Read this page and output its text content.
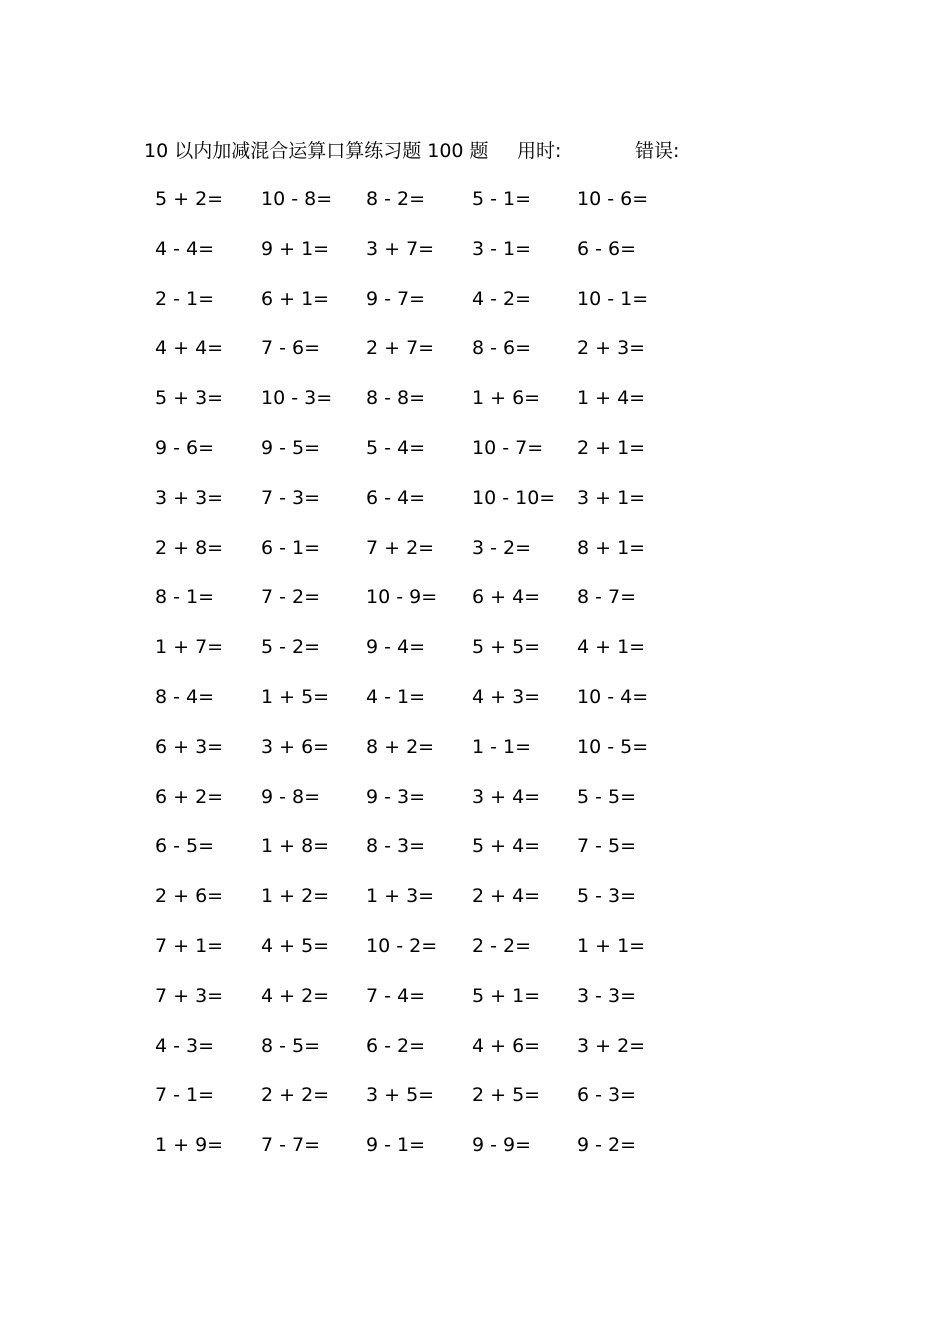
10 以内加减混合运算口算练习题 100 题 用时:	错误:
5 + 2= 10 - 8= 8 - 2= 5 - 1= 10 - 6=
4 - 4= 9 + 1= 3 + 7= 3 - 1= 6 - 6=
2 - 1= 6 + 1= 9 - 7= 4 - 2= 10 - 1=
4 + 4= 7 - 6= 2 + 7= 8 - 6= 2 + 3=
5 + 3= 10 - 3= 8 - 8= 1 + 6= 1 + 4=
9 - 6= 9 - 5= 5 - 4= 10 - 7= 2 + 1=
3 + 3= 7 - 3= 6 - 4= 10 - 10= 3 + 1=
2 + 8= 6 - 1= 7 + 2= 3 - 2= 8 + 1=
8 - 1= 7 - 2= 10 - 9= 6 + 4= 8 - 7=
1 + 7= 5 - 2= 9 - 4= 5 + 5= 4 + 1=
8 - 4= 1 + 5= 4 - 1= 4 + 3= 10 - 4=
6 + 3= 3 + 6= 8 + 2= 1 - 1= 10 - 5=
6 + 2= 9 - 8= 9 - 3= 3 + 4= 5 - 5=
6 - 5= 1 + 8= 8 - 3= 5 + 4= 7 - 5=
2 + 6= 1 + 2= 1 + 3= 2 + 4= 5 - 3=
7 + 1= 4 + 5= 10 - 2= 2 - 2= 1 + 1=
7 + 3= 4 + 2= 7 - 4= 5 + 1= 3 - 3=
4 - 3= 8 - 5= 6 - 2= 4 + 6= 3 + 2=
7 - 1= 2 + 2= 3 + 5= 2 + 5= 6 - 3=
1 + 9= 7 - 7= 9 - 1= 9 - 9= 9 - 2=
